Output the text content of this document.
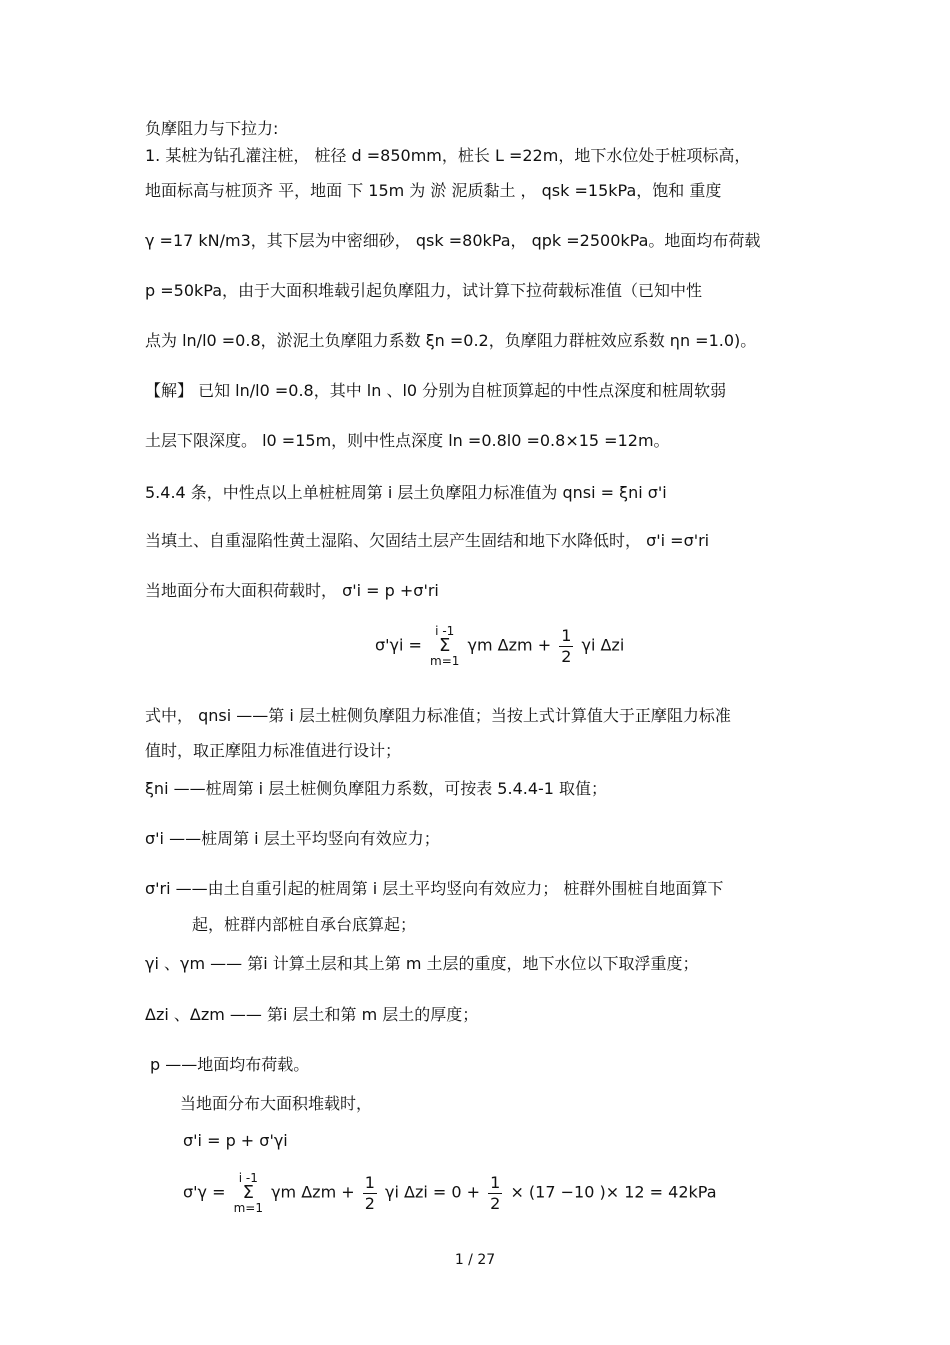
负摩阻力与下拉力:
1. 某桩为钻孔灌注桩， 桩径 d =850mm，桩长 L =22m，地下水位处于桩项标高，
地面标高与桩顶齐 平，地面 下 15m 为 淤 泥质黏土 ， qsk =15kPa，饱和 重度
γ =17 kN/m3，其下层为中密细砂， qsk =80kPa， qpk =2500kPa。地面均布荷载
p =50kPa，由于大面积堆载引起负摩阻力，试计算下拉荷载标准值（已知中性
点为 ln/l0 =0.8，淤泥土负摩阻力系数 ξn =0.2，负摩阻力群桩效应系数 ηn =1.0)。
【解】 已知 ln/l0 =0.8，其中 ln 、l0 分别为自桩顶算起的中性点深度和桩周软弱
土层下限深度。 l0 =15m，则中性点深度 ln =0.8l0 =0.8×15 =12m。
5.4.4 条，中性点以上单桩桩周第 i 层土负摩阻力标准值为 qnsi = ξni σ'i
当填土、自重湿陷性黄土湿陷、欠固结土层产生固结和地下水降低时， σ'i =σ'ri
当地面分布大面积荷载时， σ'i = p +σ'ri
σ'γi =
i -1
Σ
m=1
γm $\Delta zm + \frac{1}{2}$ γi Δzi
式中， qnsi ——第 i 层土桩侧负摩阻力标准值；当按上式计算值大于正摩阻力标准
值时，取正摩阻力标准值进行设计；
ξni ——桩周第 i 层土桩侧负摩阻力系数，可按表 5.4.4-1 取值；
σ'i ——桩周第 i 层土平均竖向有效应力；
σ'ri ——由土自重引起的桩周第 i 层土平均竖向有效应力； 桩群外围桩自地面算下
起，桩群内部桩自承台底算起；
γi 、γm —— 第i 计算土层和其上第 m 土层的重度，地下水位以下取浮重度；
Δzi 、Δzm —— 第i 层土和第 m 层土的厚度；
p ——地面均布荷载。
当地面分布大面积堆载时，
σ'i = p + σ'γi
σ'γ =
i -1
Σ
m=1
γm $\Delta zm + \frac{1}{2}$ γi $\Delta zi = 0 + \frac{1}{2} \times (17 -10$ )× 12 = 42kPa
1 / 27
